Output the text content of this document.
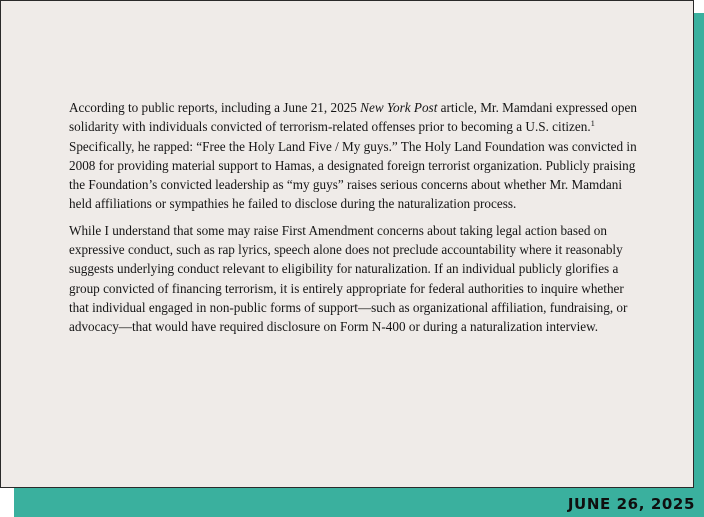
According to public reports, including a June 21, 2025 New York Post article, Mr. Mamdani expressed open solidarity with individuals convicted of terrorism-related offenses prior to becoming a U.S. citizen.$^1$ Specifically, he rapped: “Free the Holy Land Five / My guys.” The Holy Land Foundation was convicted in 2008 for providing material support to Hamas, a designated foreign terrorist organization. Publicly praising the Foundation’s convicted leadership as “my guys” raises serious concerns about whether Mr. Mamdani held affiliations or sympathies he failed to disclose during the naturalization process.

While I understand that some may raise First Amendment concerns about taking legal action based on expressive conduct, such as rap lyrics, speech alone does not preclude accountability where it reasonably suggests underlying conduct relevant to eligibility for naturalization. If an individual publicly glorifies a group convicted of financing terrorism, it is entirely appropriate for federal authorities to inquire whether that individual engaged in non-public forms of support—such as organizational affiliation, fundraising, or advocacy—that would have required disclosure on Form N-400 or during a naturalization interview.

JUNE 26, 2025
